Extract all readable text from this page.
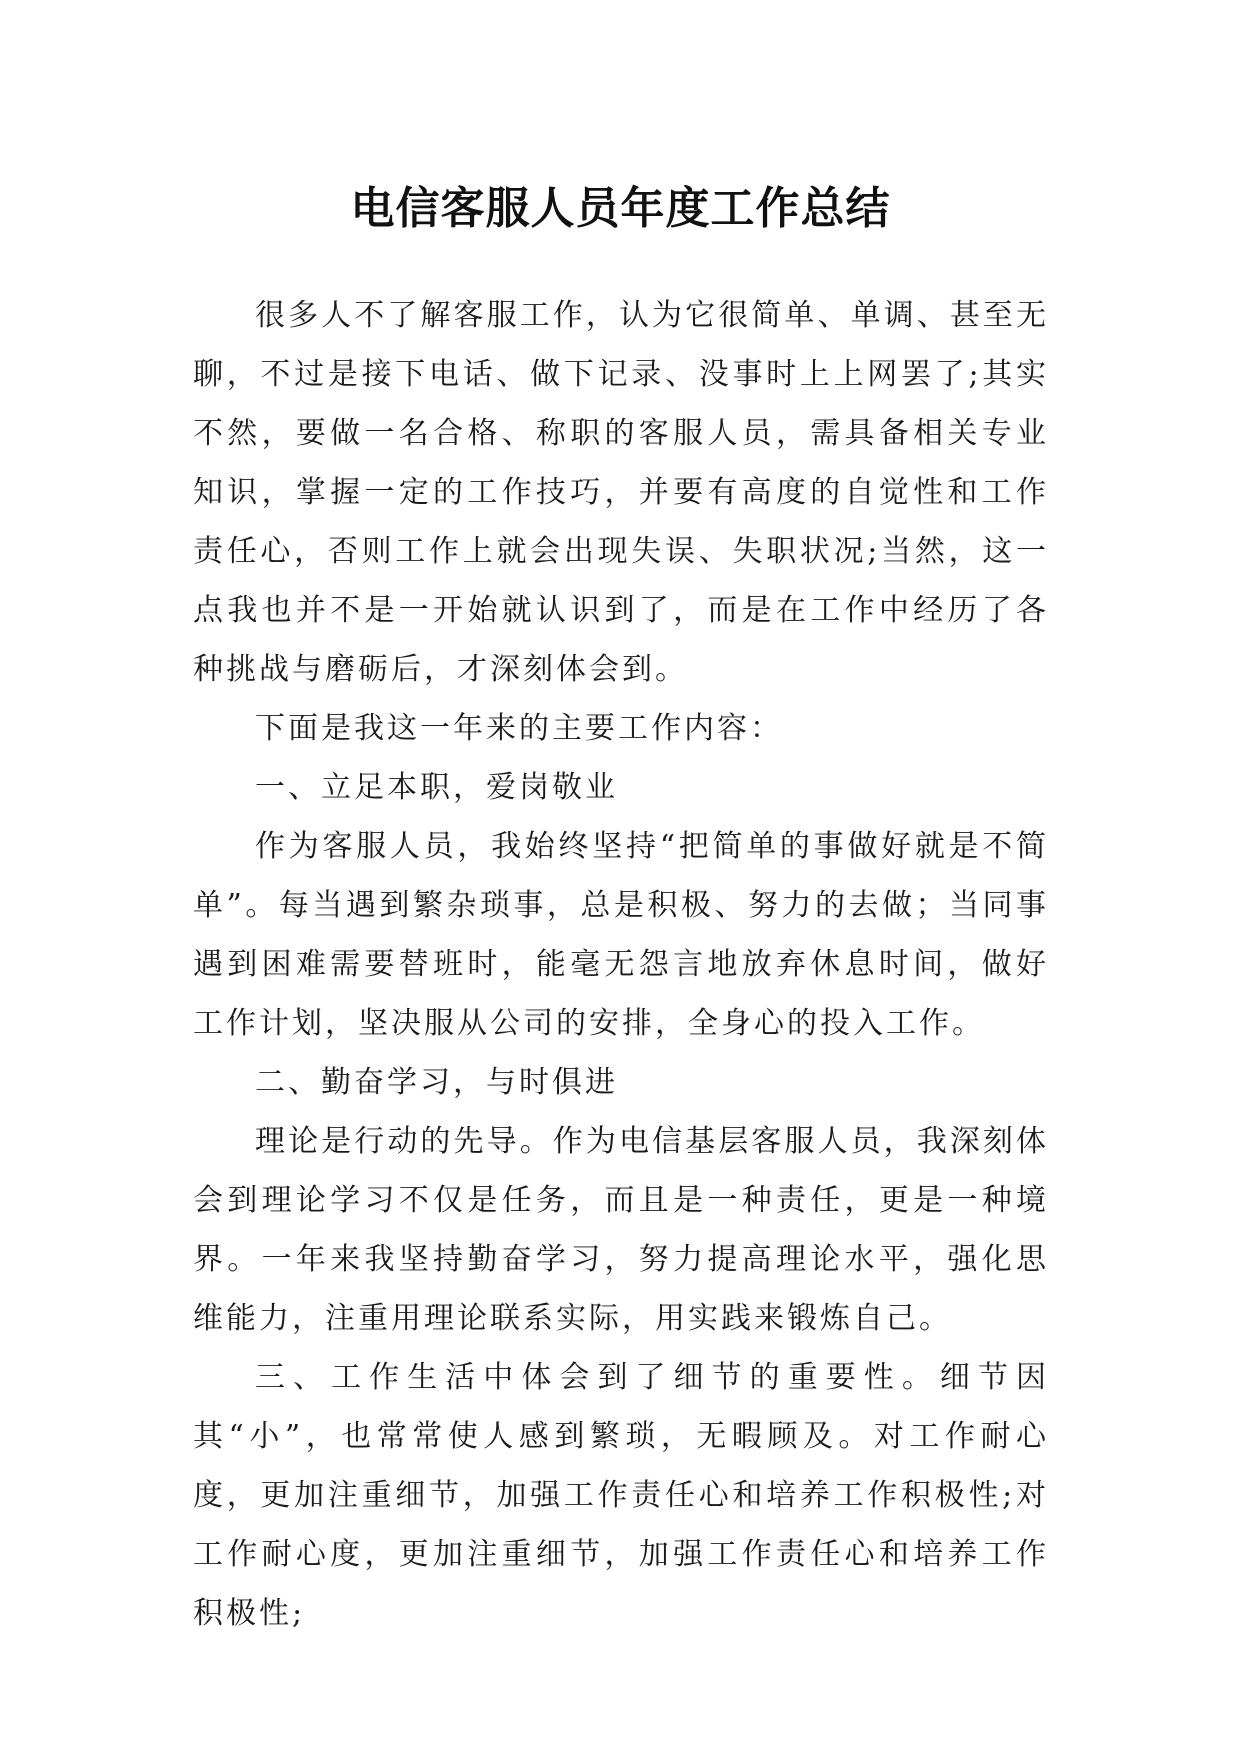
电信客服人员年度工作总结

很多人不了解客服工作，认为它很简单、单调、甚至无聊，不过是接下电话、做下记录、没事时上上网罢了;其实不然，要做一名合格、称职的客服人员，需具备相关专业知识，掌握一定的工作技巧，并要有高度的自觉性和工作责任心，否则工作上就会出现失误、失职状况;当然，这一点我也并不是一开始就认识到了，而是在工作中经历了各种挑战与磨砺后，才深刻体会到。

下面是我这一年来的主要工作内容：

一、立足本职，爱岗敬业

作为客服人员，我始终坚持“把简单的事做好就是不简单”。每当遇到繁杂琐事，总是积极、努力的去做；当同事遇到困难需要替班时，能毫无怨言地放弃休息时间，做好工作计划，坚决服从公司的安排，全身心的投入工作。

二、勤奋学习，与时俱进

理论是行动的先导。作为电信基层客服人员，我深刻体会到理论学习不仅是任务，而且是一种责任，更是一种境界。一年来我坚持勤奋学习，努力提高理论水平，强化思维能力，注重用理论联系实际，用实践来锻炼自己。

三、工作生活中体会到了细节的重要性。细节因其“小”，也常常使人感到繁琐，无暇顾及。对工作耐心度，更加注重细节，加强工作责任心和培养工作积极性;对工作耐心度，更加注重细节，加强工作责任心和培养工作积极性;
